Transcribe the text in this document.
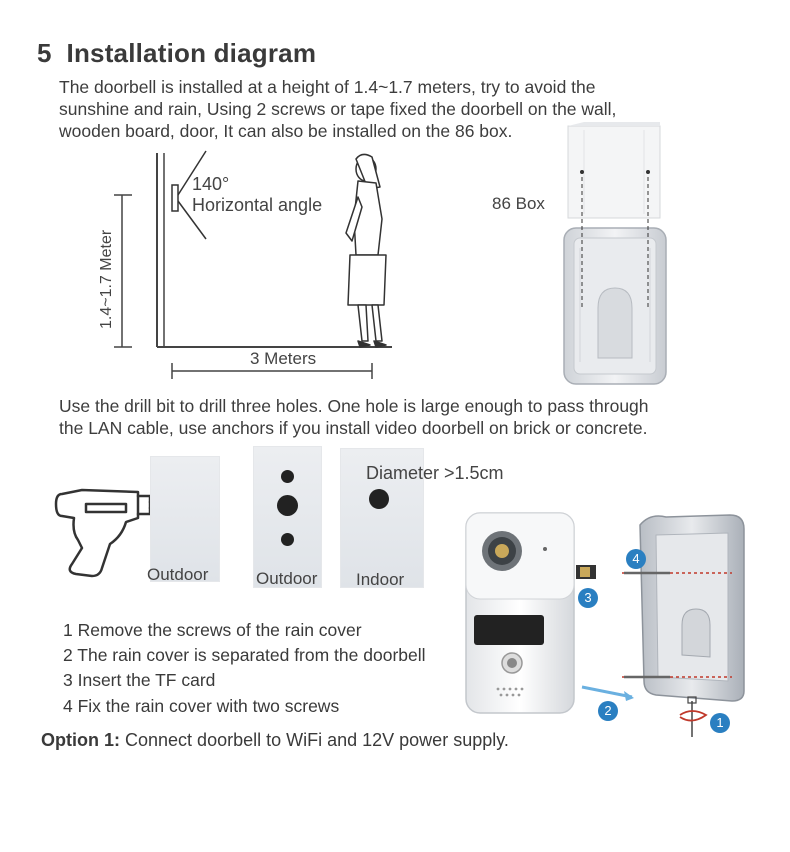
5 Installation diagram
The doorbell is installed at a height of 1.4~1.7 meters, try to avoid the
sunshine and rain, Using 2 screws or tape fixed the doorbell on the wall,
wooden board, door, It can also be installed on the 86 box.
140°
Horizontal angle
1.4~1.7 Meter
3 Meters
86 Box
Use the drill bit to drill three holes. One hole is large enough to pass through
the LAN cable, use anchors if you install video doorbell on brick or concrete.
Diameter >1.5cm
Outdoor	Outdoor Indoor
1
2
3
4
1 Remove the screws of the rain cover
2 The rain cover is separated from the doorbell
3 Insert the TF card
4 Fix the rain cover with two screws
Option 1: Connect doorbell to WiFi and 12V power supply.
